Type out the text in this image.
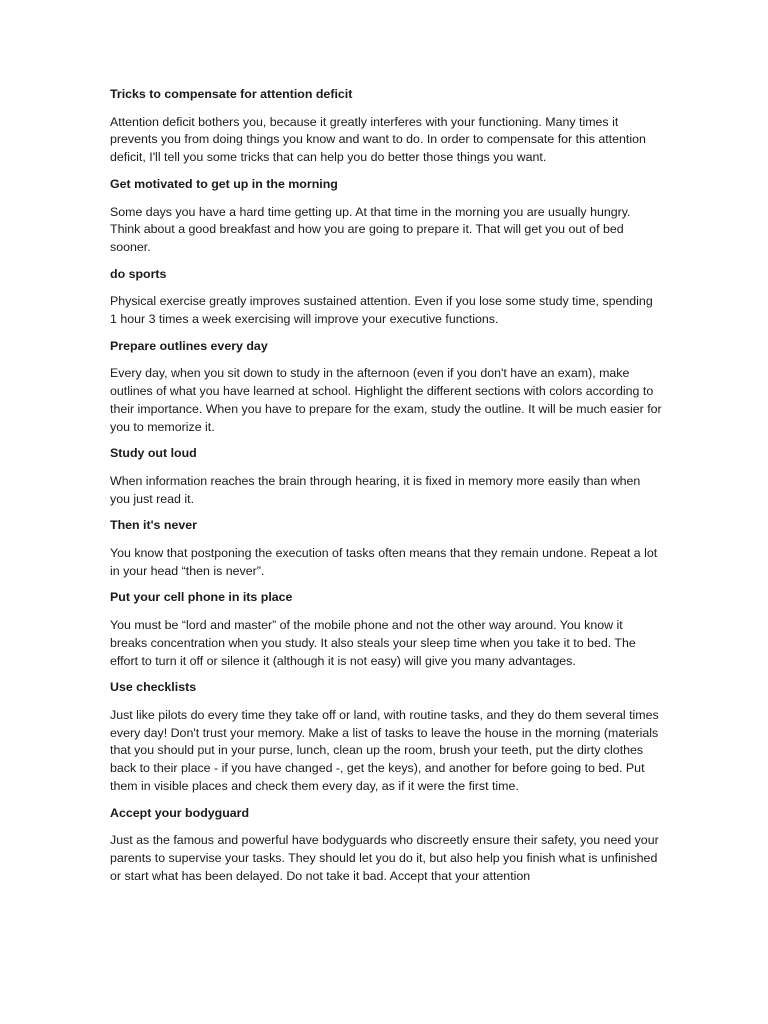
Tricks to compensate for attention deficit

Attention deficit bothers you, because it greatly interferes with your functioning. Many times it prevents you from doing things you know and want to do. In order to compensate for this attention deficit, I'll tell you some tricks that can help you do better those things you want.

Get motivated to get up in the morning

Some days you have a hard time getting up. At that time in the morning you are usually hungry. Think about a good breakfast and how you are going to prepare it. That will get you out of bed sooner.

do sports

Physical exercise greatly improves sustained attention. Even if you lose some study time, spending 1 hour 3 times a week exercising will improve your executive functions.

Prepare outlines every day

Every day, when you sit down to study in the afternoon (even if you don't have an exam), make outlines of what you have learned at school. Highlight the different sections with colors according to their importance. When you have to prepare for the exam, study the outline. It will be much easier for you to memorize it.

Study out loud

When information reaches the brain through hearing, it is fixed in memory more easily than when you just read it.

Then it's never

You know that postponing the execution of tasks often means that they remain undone. Repeat a lot in your head “then is never”.

Put your cell phone in its place

You must be “lord and master” of the mobile phone and not the other way around. You know it breaks concentration when you study. It also steals your sleep time when you take it to bed. The effort to turn it off or silence it (although it is not easy) will give you many advantages.

Use checklists

Just like pilots do every time they take off or land, with routine tasks, and they do them several times every day! Don't trust your memory. Make a list of tasks to leave the house in the morning (materials that you should put in your purse, lunch, clean up the room, brush your teeth, put the dirty clothes back to their place - if you have changed -, get the keys), and another for before going to bed. Put them in visible places and check them every day, as if it were the first time.

Accept your bodyguard

Just as the famous and powerful have bodyguards who discreetly ensure their safety, you need your parents to supervise your tasks. They should let you do it, but also help you finish what is unfinished or start what has been delayed. Do not take it bad. Accept that your attention
